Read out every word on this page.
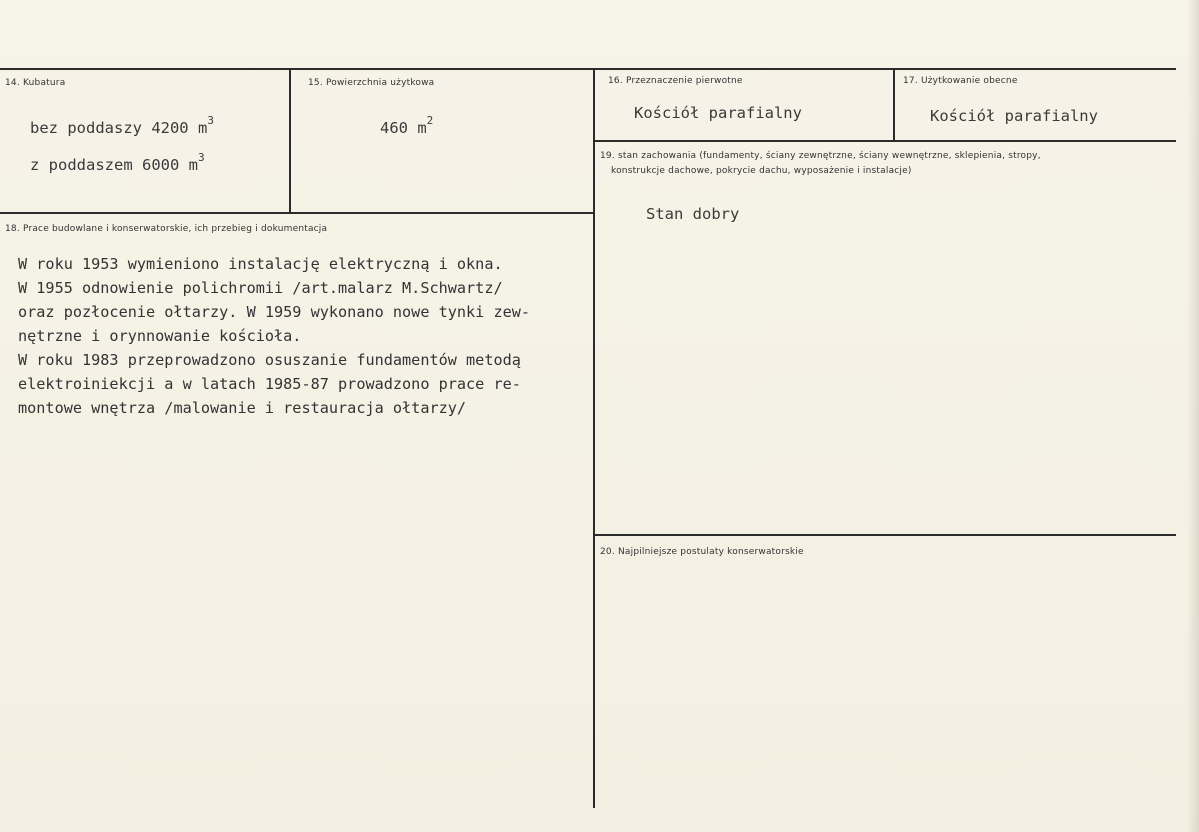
14. Kubatura
bez poddaszy 4200 $m^3$
z poddaszem 6000 $m^3$
15. Powierzchnia użytkowa
460 $m^2$
16. Przeznaczenie pierwotne
Kościół parafialny
17. Użytkowanie obecne
Kościół parafialny
19. stan zachowania (fundamenty, ściany zewnętrzne, ściany wewnętrzne, sklepienia, stropy,
konstrukcje dachowe, pokrycie dachu, wyposażenie i instalacje)
Stan dobry
18. Prace budowlane i konserwatorskie, ich przebieg i dokumentacja
W roku 1953 wymieniono instalację elektryczną i okna.
W 1955 odnowienie polichromii /art.malarz M.Schwartz/
oraz pozłocenie ołtarzy. W 1959 wykonano nowe tynki zew-
nętrzne i orynnowanie kościoła.
W roku 1983 przeprowadzono osuszanie fundamentów metodą
elektroiniekcji a w latach 1985-87 prowadzono prace re-
montowe wnętrza /malowanie i restauracja ołtarzy/
20. Najpilniejsze postulaty konserwatorskie
